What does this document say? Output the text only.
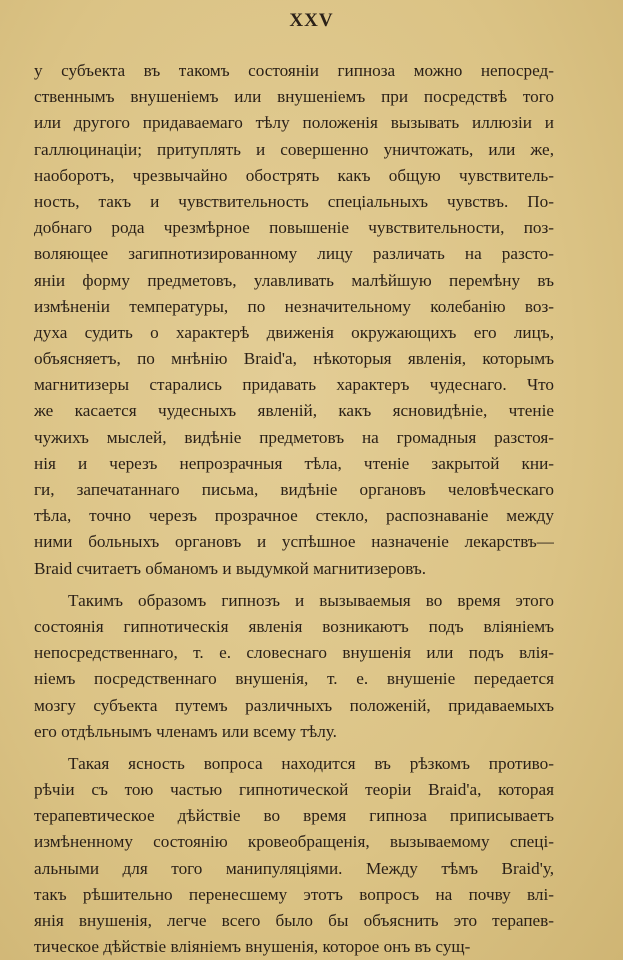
XXV
у субъекта въ такомъ состояніи гипноза можно непосред-
ственнымъ внушеніемъ или внушеніемъ при посредствѣ того
или другого придаваемаго тѣлу положенія вызывать иллюзіи и
галлюцинаціи; притуплять и совершенно уничтожать, или же,
наоборотъ, чрезвычайно обострять какъ общую чувствитель-
ность, такъ и чувствительность спеціальныхъ чувствъ. По-
добнаго рода чрезмѣрное повышеніе чувствительности, поз-
воляющее загипнотизированному лицу различать на разсто-
яніи форму предметовъ, улавливать малѣйшую перемѣну въ
измѣненіи температуры, по незначительному колебанію воз-
духа судить о характерѣ движенія окружающихъ его лицъ,
объясняетъ, по мнѣнію Braid'а, нѣкоторыя явленія, которымъ
магнитизеры старались придавать характеръ чудеснаго. Что
же касается чудесныхъ явленій, какъ ясновидѣніе, чтеніе
чужихъ мыслей, видѣніе предметовъ на громадныя разстоя-
нія и черезъ непрозрачныя тѣла, чтеніе закрытой кни-
ги, запечатаннаго письма, видѣніе органовъ человѣческаго
тѣла, точно черезъ прозрачное стекло, распознаваніе между
ними больныхъ органовъ и успѣшное назначеніе лекарствъ—
Braid считаетъ обманомъ и выдумкой магнитизеровъ.
Такимъ образомъ гипнозъ и вызываемыя во время этого
состоянія гипнотическія явленія возникаютъ подъ вліяніемъ
непосредственнаго, т. е. словеснаго внушенія или подъ влія-
ніемъ посредственнаго внушенія, т. е. внушеніе передается
мозгу субъекта путемъ различныхъ положеній, придаваемыхъ
его отдѣльнымъ членамъ или всему тѣлу.
Такая ясность вопроса находится въ рѣзкомъ противо-
рѣчіи съ тою частью гипнотической теоріи Braid'а, которая
терапевтическое дѣйствіе во время гипноза приписываетъ
измѣненному состоянію кровеобращенія, вызываемому спеці-
альными для того манипуляціями. Между тѣмъ Braid'у,
такъ рѣшительно перенесшему этотъ вопросъ на почву влі-
янія внушенія, легче всего было бы объяснить это терапев-
тическое дѣйствіе вліяніемъ внушенія, которое онъ въ сущ-
